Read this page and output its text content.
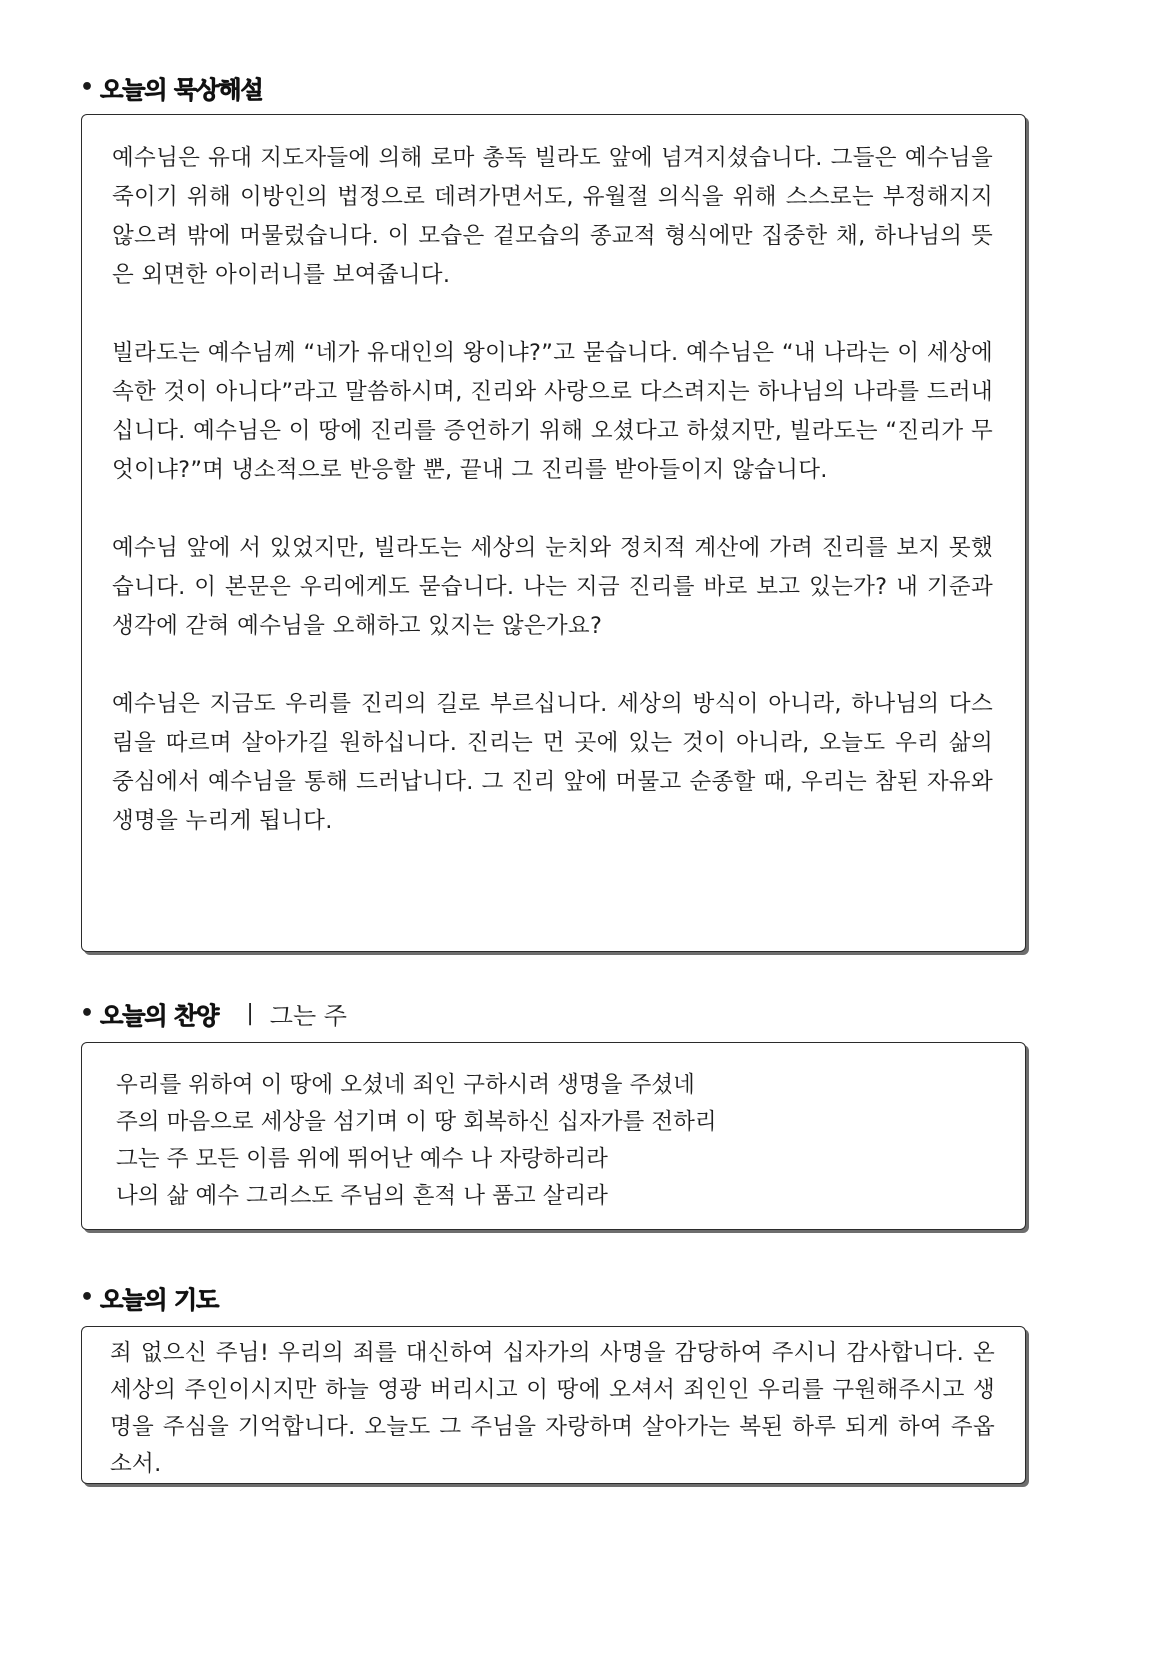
• 오늘의 묵상해설

예수님은 유대 지도자들에 의해 로마 총독 빌라도 앞에 넘겨지셨습니다. 그들은 예수님을 죽이기 위해 이방인의 법정으로 데려가면서도, 유월절 의식을 위해 스스로는 부정해지지 않으려 밖에 머물렀습니다. 이 모습은 겉모습의 종교적 형식에만 집중한 채, 하나님의 뜻은 외면한 아이러니를 보여줍니다.

빌라도는 예수님께 “네가 유대인의 왕이냐?”고 묻습니다. 예수님은 “내 나라는 이 세상에 속한 것이 아니다”라고 말씀하시며, 진리와 사랑으로 다스려지는 하나님의 나라를 드러내십니다. 예수님은 이 땅에 진리를 증언하기 위해 오셨다고 하셨지만, 빌라도는 “진리가 무엇이냐?”며 냉소적으로 반응할 뿐, 끝내 그 진리를 받아들이지 않습니다.

예수님 앞에 서 있었지만, 빌라도는 세상의 눈치와 정치적 계산에 가려 진리를 보지 못했습니다. 이 본문은 우리에게도 묻습니다. 나는 지금 진리를 바로 보고 있는가? 내 기준과 생각에 갇혀 예수님을 오해하고 있지는 않은가요?

예수님은 지금도 우리를 진리의 길로 부르십니다. 세상의 방식이 아니라, 하나님의 다스림을 따르며 살아가길 원하십니다. 진리는 먼 곳에 있는 것이 아니라, 오늘도 우리 삶의 중심에서 예수님을 통해 드러납니다. 그 진리 앞에 머물고 순종할 때, 우리는 참된 자유와 생명을 누리게 됩니다.

• 오늘의 찬양 | 그는 주
우리를 위하여 이 땅에 오셨네 죄인 구하시려 생명을 주셨네
주의 마음으로 세상을 섬기며 이 땅 회복하신 십자가를 전하리
그는 주 모든 이름 위에 뛰어난 예수 나 자랑하리라
나의 삶 예수 그리스도 주님의 흔적 나 품고 살리라
• 오늘의 기도

죄 없으신 주님! 우리의 죄를 대신하여 십자가의 사명을 감당하여 주시니 감사합니다. 온 세상의 주인이시지만 하늘 영광 버리시고 이 땅에 오셔서 죄인인 우리를 구원해주시고 생명을 주심을 기억합니다. 오늘도 그 주님을 자랑하며 살아가는 복된 하루 되게 하여 주옵소서.
